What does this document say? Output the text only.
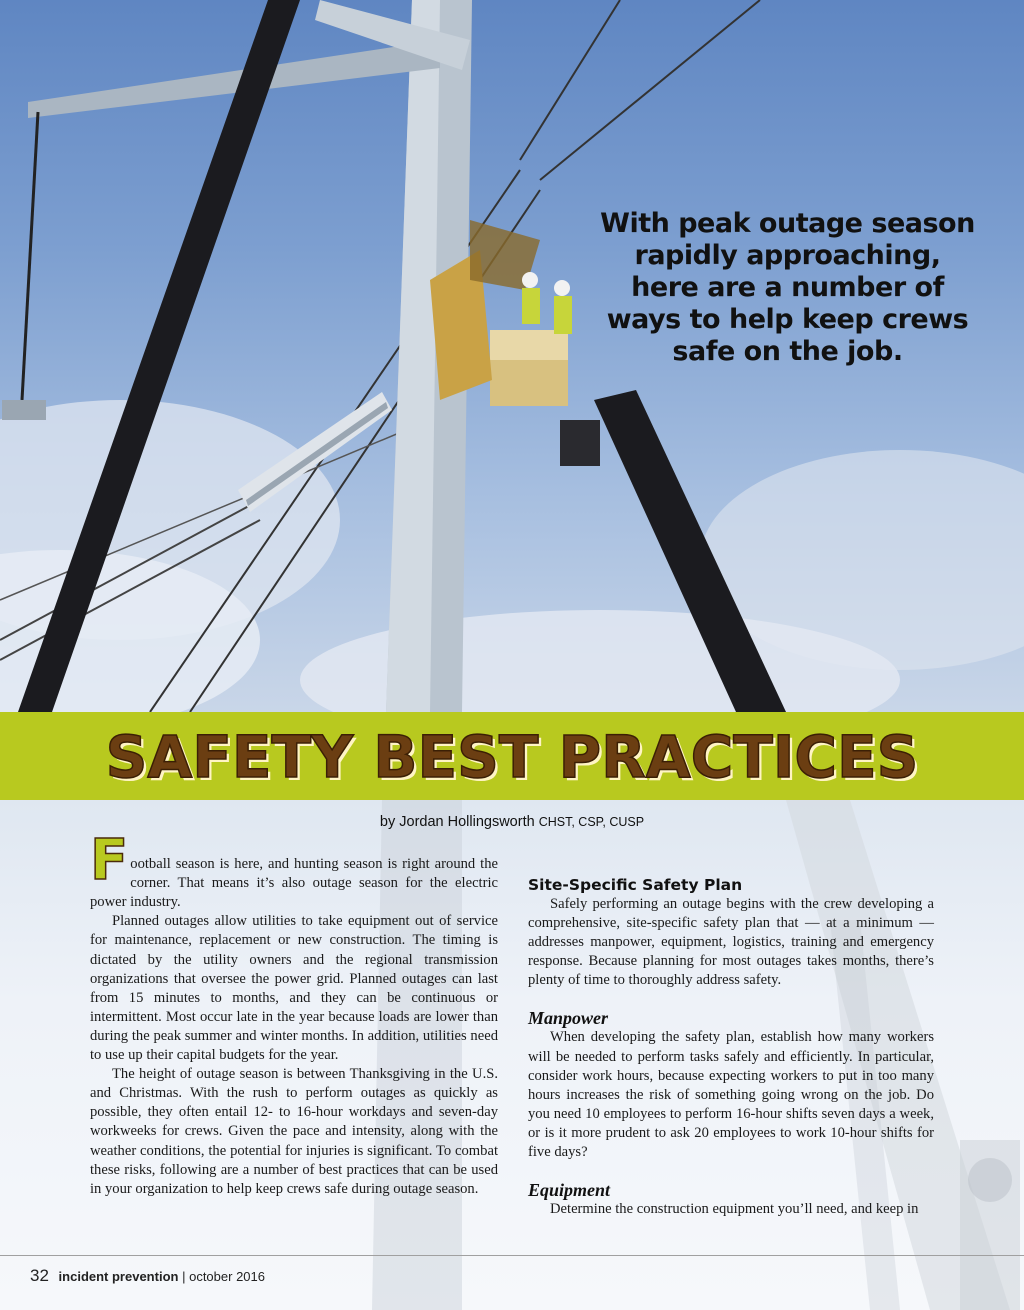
With peak outage season rapidly approaching, here are a number of ways to help keep crews safe on the job.
SAFETY BEST PRACTICES
by Jordan Hollingsworth CHST, CSP, CUSP

Football season is here, and hunting season is right around the corner. That means it’s also outage season for the electric power industry.

Planned outages allow utilities to take equipment out of service for maintenance, replacement or new construction. The timing is dictated by the utility owners and the regional transmission organizations that oversee the power grid. Planned outages can last from 15 minutes to months, and they can be continuous or intermittent. Most occur late in the year because loads are lower than during the peak summer and winter months. In addition, utilities need to use up their capital budgets for the year.

The height of outage season is between Thanksgiving in the U.S. and Christmas. With the rush to perform outages as quickly as possible, they often entail 12- to 16-hour workdays and seven-day workweeks for crews. Given the pace and intensity, along with the weather conditions, the potential for injuries is significant. To combat these risks, following are a number of best practices that can be used in your organization to help keep crews safe during outage season.

Site-Specific Safety Plan

Safely performing an outage begins with the crew developing a comprehensive, site-specific safety plan that — at a minimum — addresses manpower, equipment, logistics, training and emergency response. Because planning for most outages takes months, there’s plenty of time to thoroughly address safety.

Manpower

When developing the safety plan, establish how many workers will be needed to perform tasks safely and efficiently. In particular, consider work hours, because expecting workers to put in too many hours increases the risk of something going wrong on the job. Do you need 10 employees to perform 16-hour shifts seven days a week, or is it more prudent to ask 20 employees to work 10-hour shifts for five days?

Equipment

Determine the construction equipment you’ll need, and keep in

32 incident prevention | october 2016
